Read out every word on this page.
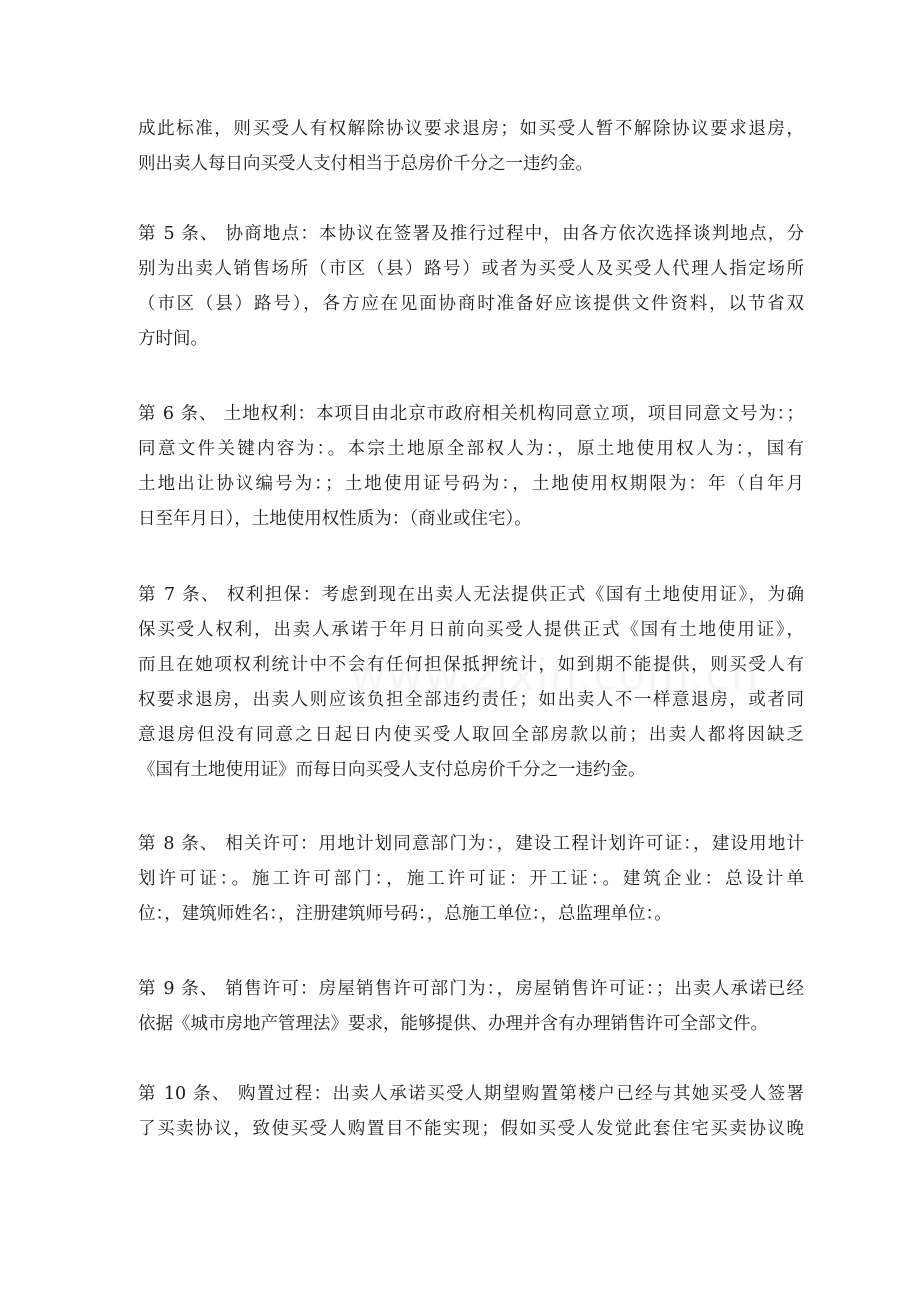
成此标准，则买受人有权解除协议要求退房；如买受人暂不解除协议要求退房，
则出卖人每日向买受人支付相当于总房价千分之一违约金。
第 5 条、 协商地点：本协议在签署及推行过程中，由各方依次选择谈判地点，分
别为出卖人销售场所（市区（县）路号）或者为买受人及买受人代理人指定场所
（市区（县）路号），各方应在见面协商时准备好应该提供文件资料，以节省双
方时间。
第 6 条、 土地权利：本项目由北京市政府相关机构同意立项，项目同意文号为：；
同意文件关键内容为：。本宗土地原全部权人为：，原土地使用权人为：，国有
土地出让协议编号为：；土地使用证号码为：，土地使用权期限为：年（自年月
日至年月日），土地使用权性质为：（商业或住宅）。
第 7 条、 权利担保：考虑到现在出卖人无法提供正式《国有土地使用证》，为确
保买受人权利，出卖人承诺于年月日前向买受人提供正式《国有土地使用证》，
而且在她项权利统计中不会有任何担保抵押统计，如到期不能提供，则买受人有
权要求退房，出卖人则应该负担全部违约责任；如出卖人不一样意退房，或者同
意退房但没有同意之日起日内使买受人取回全部房款以前；出卖人都将因缺乏
《国有土地使用证》而每日向买受人支付总房价千分之一违约金。
第 8 条、 相关许可：用地计划同意部门为：，建设工程计划许可证：，建设用地计
划许可证：。施工许可部门：，施工许可证：开工证：。建筑企业：总设计单
位：，建筑师姓名：，注册建筑师号码：，总施工单位：，总监理单位：。
第 9 条、 销售许可：房屋销售许可部门为：，房屋销售许可证：；出卖人承诺已经
依据《城市房地产管理法》要求，能够提供、办理并含有办理销售许可全部文件。
第 10 条、 购置过程：出卖人承诺买受人期望购置第楼户已经与其她买受人签署
了买卖协议，致使买受人购置目不能实现；假如买受人发觉此套住宅买卖协议晚
